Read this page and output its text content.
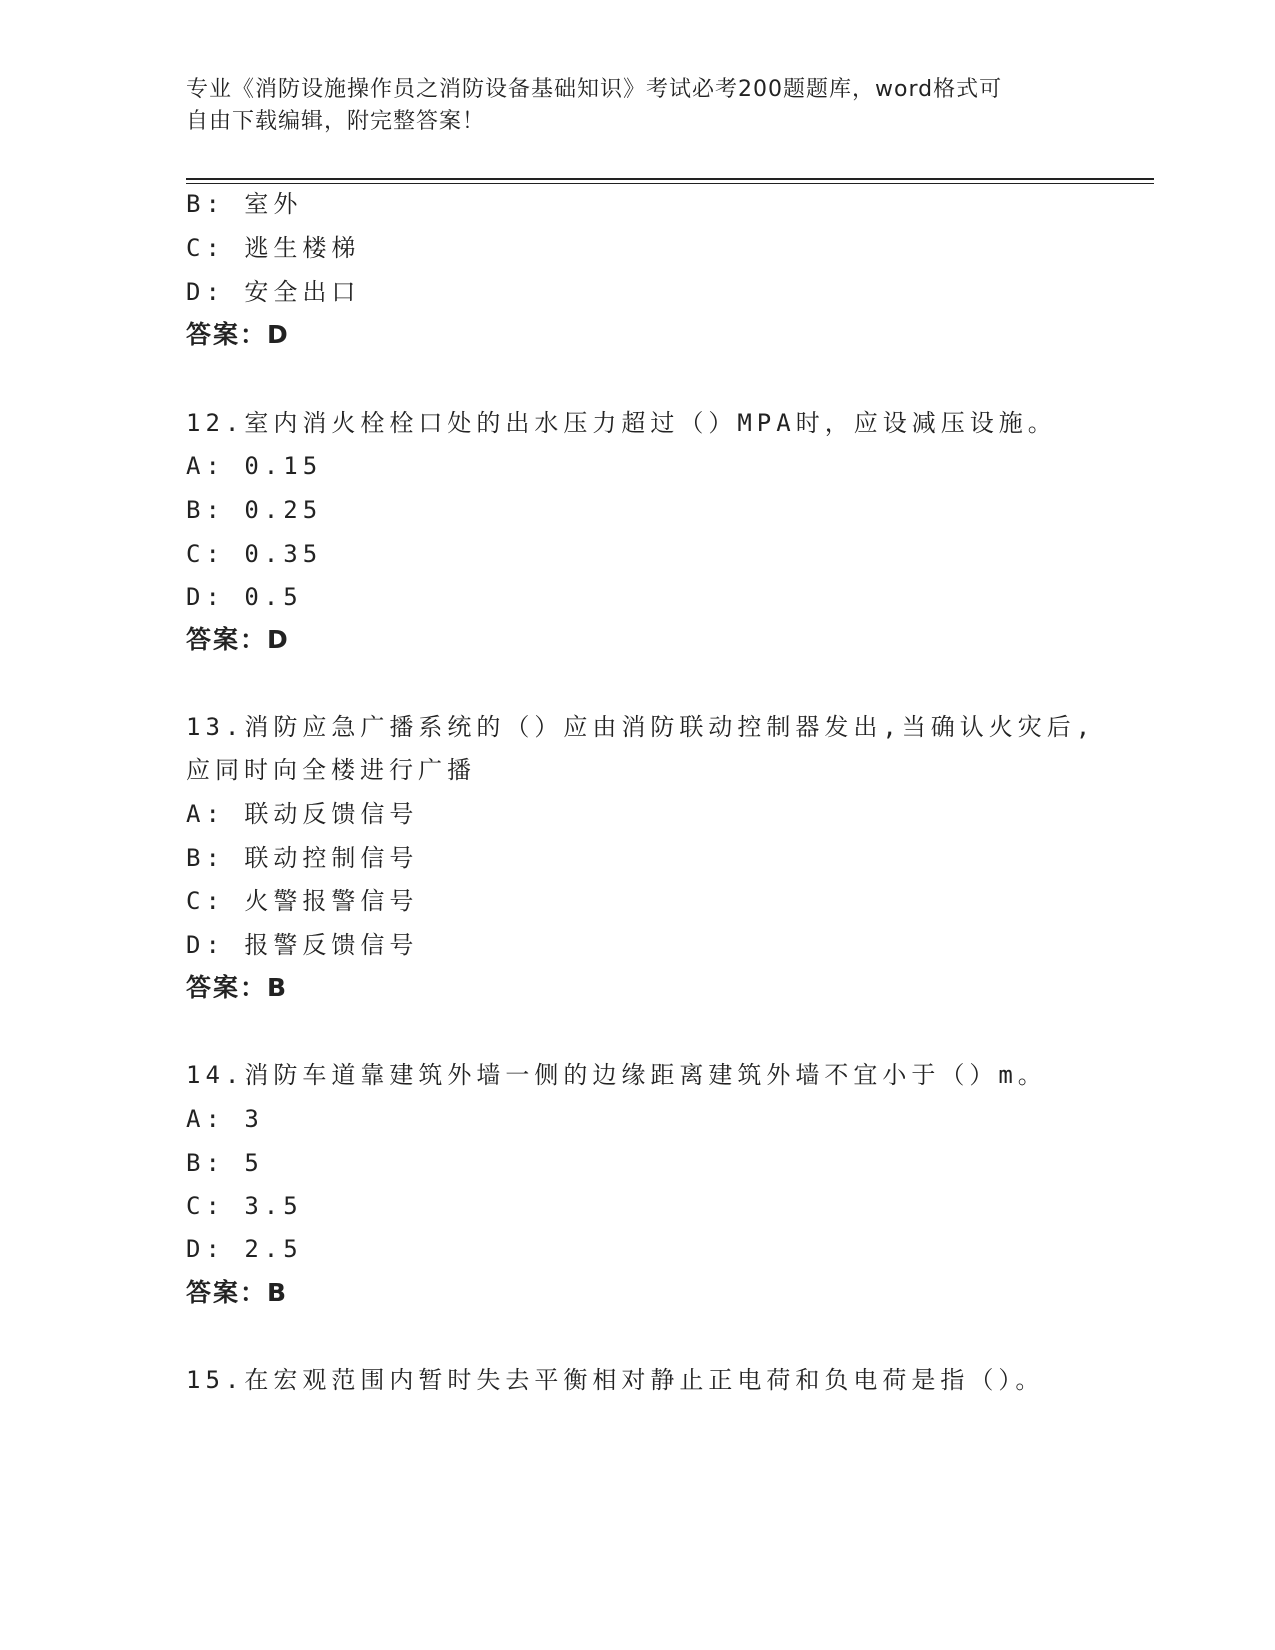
专业《消防设施操作员之消防设备基础知识》考试必考200题题库，word格式可
自由下载编辑，附完整答案！
B: 室外
C: 逃生楼梯
D: 安全出口
答案：D
12.室内消火栓栓口处的出水压力超过（）MPA时，应设减压设施。
A: 0.15
B: 0.25
C: 0.35
D: 0.5
答案：D
13.消防应急广播系统的（）应由消防联动控制器发出,当确认火灾后,
应同时向全楼进行广播
A: 联动反馈信号
B: 联动控制信号
C: 火警报警信号
D: 报警反馈信号
答案：B
14.消防车道靠建筑外墙一侧的边缘距离建筑外墙不宜小于（）m。
A: 3
B: 5
C: 3.5
D: 2.5
答案：B
15.在宏观范围内暂时失去平衡相对静止正电荷和负电荷是指（）。
